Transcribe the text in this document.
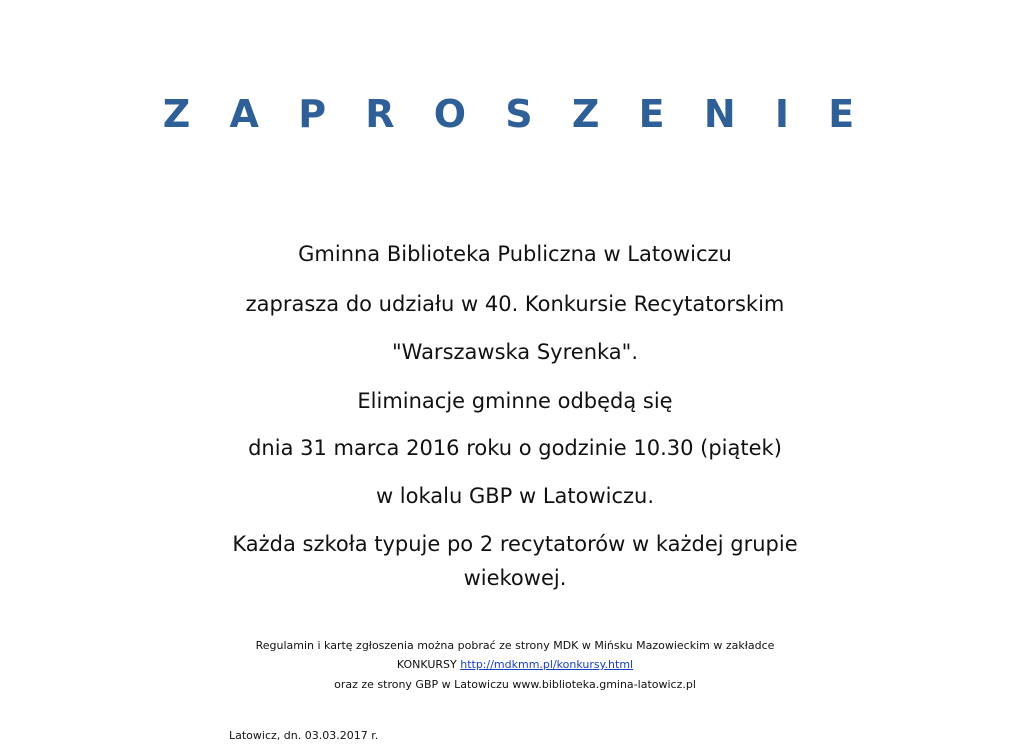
Z A P R O S Z E N I E
Gminna Biblioteka Publiczna w Latowiczu
zaprasza do udziału w 40. Konkursie Recytatorskim
"Warszawska Syrenka".
Eliminacje gminne odbędą się
dnia 31 marca 2016 roku o godzinie 10.30 (piątek)
w lokalu GBP w Latowiczu.
Każda szkoła typuje po 2 recytatorów w każdej grupie
wiekowej.
Regulamin i kartę zgłoszenia można pobrać ze strony MDK w Mińsku Mazowieckim w zakładce
KONKURSY http://mdkmm.pl/konkursy.html
oraz ze strony GBP w Latowiczu www.biblioteka.gmina-latowicz.pl
Latowicz, dn. 03.03.2017 r.
